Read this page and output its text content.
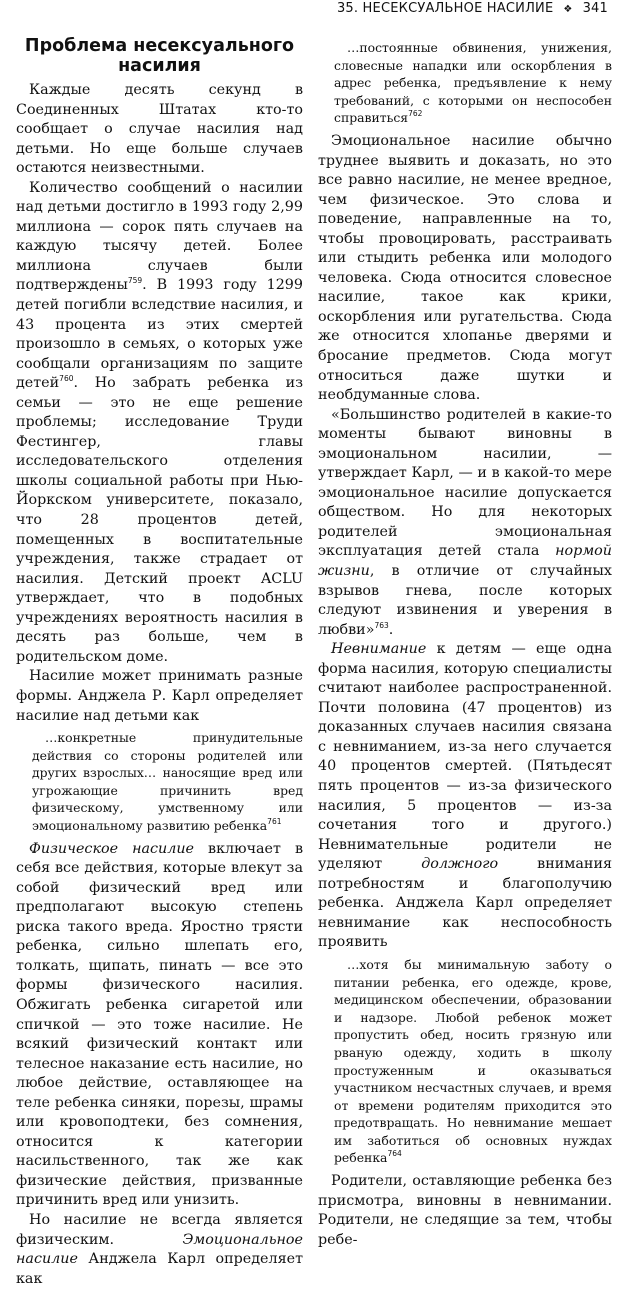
35. НЕСЕКСУАЛЬНОЕ НАСИЛИЕ ❖ 341
Проблема несексуального насилия

Каждые десять секунд в Соединенных Штатах кто-то сообщает о случае насилия над детьми. Но еще больше случаев остаются неизвестными.

Количество сообщений о насилии над детьми достигло в 1993 году 2,99 миллиона — сорок пять случаев на каждую тысячу детей. Более миллиона случаев были подтверждены$^{759}$. В 1993 году 1299 детей погибли вследствие насилия, и 43 процента из этих смертей произошло в семьях, о которых уже сообщали организациям по защите детей$^{760}$. Но забрать ребенка из семьи — это не еще решение проблемы; исследование Труди Фестингер, главы исследовательского отделения школы социальной работы при Нью-Йоркском университете, показало, что 28 процентов детей, помещенных в воспитательные учреждения, также страдает от насилия. Детский проект ACLU утверждает, что в подобных учреждениях вероятность насилия в десять раз больше, чем в родительском доме.

Насилие может принимать разные формы. Анджела Р. Карл определяет насилие над детьми как

…конкретные принудительные действия со стороны родителей или других взрослых… наносящие вред или угрожающие причинить вред физическому, умственному или эмоциональному развитию ребенка$^{761}$

Физическое насилие включает в себя все действия, которые влекут за собой физический вред или предполагают высокую степень риска такого вреда. Яростно трясти ребенка, сильно шлепать его, толкать, щипать, пинать — все это формы физического насилия. Обжигать ребенка сигаретой или спичкой — это тоже насилие. Не всякий физический контакт или телесное наказание есть насилие, но любое действие, оставляющее на теле ребенка синяки, порезы, шрамы или кровоподтеки, без сомнения, относится к категории насильственного, так же как физические действия, призванные причинить вред или унизить.

Но насилие не всегда является физическим. Эмоциональное насилие Анджела Карл определяет как

…постоянные обвинения, унижения, словесные нападки или оскорбления в адрес ребенка, предъявление к нему требований, с которыми он неспособен справиться$^{762}$

Эмоциональное насилие обычно труднее выявить и доказать, но это все равно насилие, не менее вредное, чем физическое. Это слова и поведение, направленные на то, чтобы провоцировать, расстраивать или стыдить ребенка или молодого человека. Сюда относится словесное насилие, такое как крики, оскорбления или ругательства. Сюда же относится хлопанье дверями и бросание предметов. Сюда могут относиться даже шутки и необдуманные слова.

«Большинство родителей в какие-то моменты бывают виновны в эмоциональном насилии, — утверждает Карл, — и в какой-то мере эмоциональное насилие допускается обществом. Но для некоторых родителей эмоциональная эксплуатация детей стала нормой жизни, в отличие от случайных взрывов гнева, после которых следуют извинения и уверения в любви»$^{763}$.

Невнимание к детям — еще одна форма насилия, которую специалисты считают наиболее распространенной. Почти половина (47 процентов) из доказанных случаев насилия связана с невниманием, из-за него случается 40 процентов смертей. (Пятьдесят пять процентов — из-за физического насилия, 5 процентов — из-за сочетания того и другого.) Невнимательные родители не уделяют должного внимания потребностям и благополучию ребенка. Анджела Карл определяет невнимание как неспособность проявить

…хотя бы минимальную заботу о питании ребенка, его одежде, крове, медицинском обеспечении, образовании и надзоре. Любой ребенок может пропустить обед, носить грязную или рваную одежду, ходить в школу простуженным и оказываться участником несчастных случаев, и время от времени родителям приходится это предотвращать. Но невнимание мешает им заботиться об основных нуждах ребенка$^{764}$

Родители, оставляющие ребенка без присмотра, виновны в невнимании. Родители, не следящие за тем, чтобы ребе-
